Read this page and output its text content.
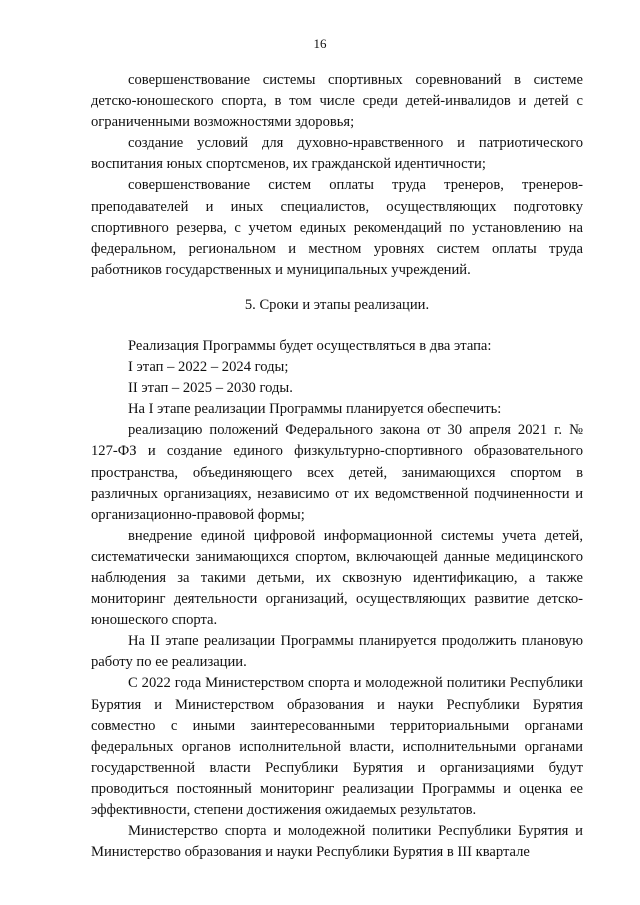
16

совершенствование системы спортивных соревнований в системе детско-юношеского спорта, в том числе среди детей-инвалидов и детей с ограниченными возможностями здоровья;

создание условий для духовно-нравственного и патриотического воспитания юных спортсменов, их гражданской идентичности;

совершенствование систем оплаты труда тренеров, тренеров-преподавателей и иных специалистов, осуществляющих подготовку спортивного резерва, с учетом единых рекомендаций по установлению на федеральном, региональном и местном уровнях систем оплаты труда работников государственных и муниципальных учреждений.

5. Сроки и этапы реализации.

Реализация Программы будет осуществляться в два этапа:

I этап – 2022 – 2024 годы;

II этап – 2025 – 2030 годы.

На I этапе реализации Программы планируется обеспечить:

реализацию положений Федерального закона от 30 апреля 2021 г. № 127-ФЗ и создание единого физкультурно-спортивного образовательного пространства, объединяющего всех детей, занимающихся спортом в различных организациях, независимо от их ведомственной подчиненности и организационно-правовой формы;

внедрение единой цифровой информационной системы учета детей, систематически занимающихся спортом, включающей данные медицинского наблюдения за такими детьми, их сквозную идентификацию, а также мониторинг деятельности организаций, осуществляющих развитие детско-юношеского спорта.

На II этапе реализации Программы планируется продолжить плановую работу по ее реализации.

С 2022 года Министерством спорта и молодежной политики Республики Бурятия и Министерством образования и науки Республики Бурятия совместно с иными заинтересованными территориальными органами федеральных органов исполнительной власти, исполнительными органами государственной власти Республики Бурятия и организациями будут проводиться постоянный мониторинг реализации Программы и оценка ее эффективности, степени достижения ожидаемых результатов.

Министерство спорта и молодежной политики Республики Бурятия и Министерство образования и науки Республики Бурятия в III квартале
